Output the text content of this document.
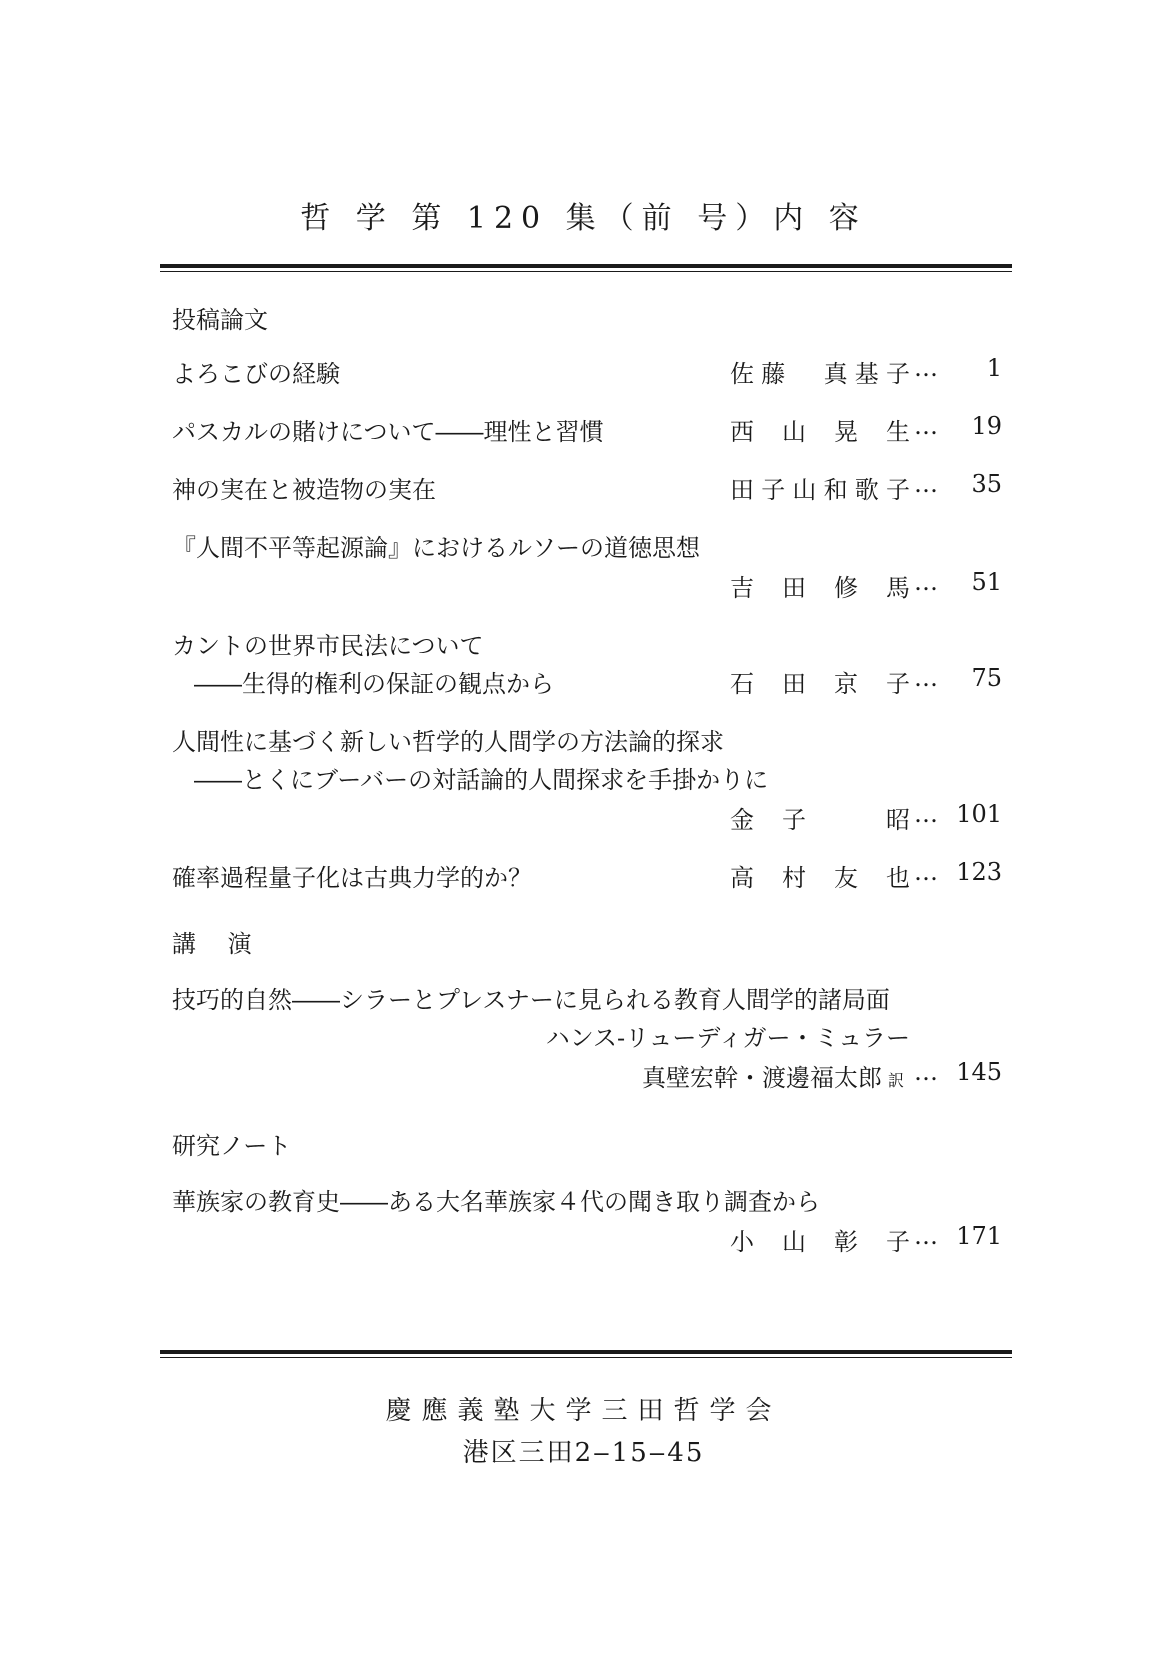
哲 学 第 120 集（前 号）内 容
投稿論文
よろこびの経験	佐藤　真基子 … 1
パスカルの賭けについて――理性と習慣	西山晃生 … 19
神の実在と被造物の実在	田子山和歌子 … 35
『人間不平等起源論』におけるルソーの道徳思想
吉田修馬 … 51
カントの世界市民法について
――生得的権利の保証の観点から	石田京子 … 75
人間性に基づく新しい哲学的人間学の方法論的探求
――とくにブーバーの対話論的人間探求を手掛かりに
金子　昭 … 101
確率過程量子化は古典力学的か？	高村友也 … 123
講　 演
技巧的自然――シラーとプレスナーに見られる教育人間学的諸局面
ハンス-リューディガー・ミュラー
真壁宏幹・渡邊福太郎 訳 … 145
研究ノート
華族家の教育史――ある大名華族家４代の聞き取り調査から
小山彰子 … 171
慶應義塾大学三田哲学会
港区三田2‒15‒45
